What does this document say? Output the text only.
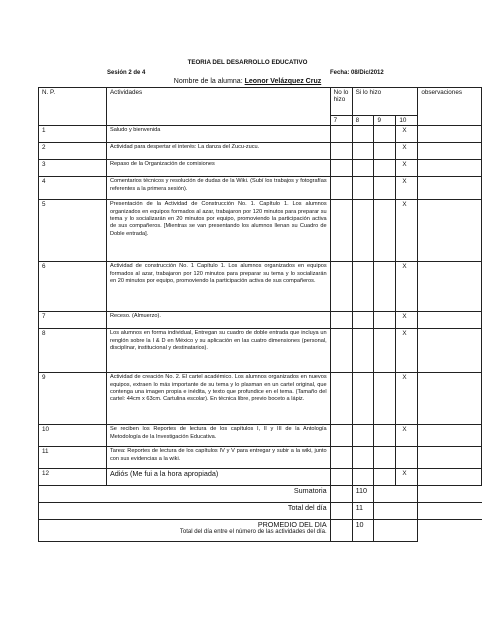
TEORIA DEL DESARROLLO EDUCATIVO
Sesión 2 de 4	Fecha: 08/Dic/2012
Nombre de la alumna: Leonor Velázquez Cruz
N. P.	Actividades	No lo hizo	Si lo hizo			observaciones
		7	8	9	10	
1	Saludo y bienvenida				X	
2	Actividad para despertar el interés: La danza del Zucu-zucu.				X	
3	Repaso de la Organización de comisiones				X	
4	Comentarios técnicos y resolución de dudas de la Wiki. (Subí los trabajos y fotografías referentes a la primera sesión).				X	
5	Presentación de la Actividad de Construcción No. 1. Capítulo 1. Los alumnos organizados en equipos formados al azar, trabajaron por 120 minutos para preparar su tema y lo socializarán en 20 minutos por equipo, promoviendo la participación activa de sus compañeros. [Mientras se van presentando los alumnos llenan su Cuadro de Doble entrada].				X	
6	Actividad de construcción No. 1 Capítulo 1. Los alumnos organizados en equipos formados al azar, trabajaron por 120 minutos para preparar su tema y lo socializarán en 20 minutos por equipo, promoviendo la participación activa de sus compañeros.				X	
7	Receso. (Almuerzo).				X	
8	Los alumnos en forma individual, Entregan su cuadro de doble entrada que incluya un renglón sobre la I & D en México y su aplicación en las cuatro dimensiones (personal, disciplinar, institucional y destinatarios).				X	
9	Actividad de creación No. 2. El cartel académico. Los alumnos organizados en nuevos equipos, extraen lo más importante de su tema y lo plasman en un cartel original, que contenga una imagen propia e inédita, y texto que profundice en el tema. (Tamaño del cartel: 44cm x 63cm. Cartulina escolar). En técnica libre, previo boceto a lápiz.				X	
10	Se reciben los Reportes de lectura de los capítulos I, II y III de la Antología Metodología de la Investigación Educativa.				X	
11	Tarea: Reportes de lectura de los capítulos IV y V para entregar y subir a la wiki, junto con sus evidencias a la wiki.					
12	Adiós (Me fui a la hora apropiada)				X	

	Sumatoria		110			

	Total del día		11			

	PROMEDIO DEL DIA
Total del día entre el número de las actividades del día.		10			
